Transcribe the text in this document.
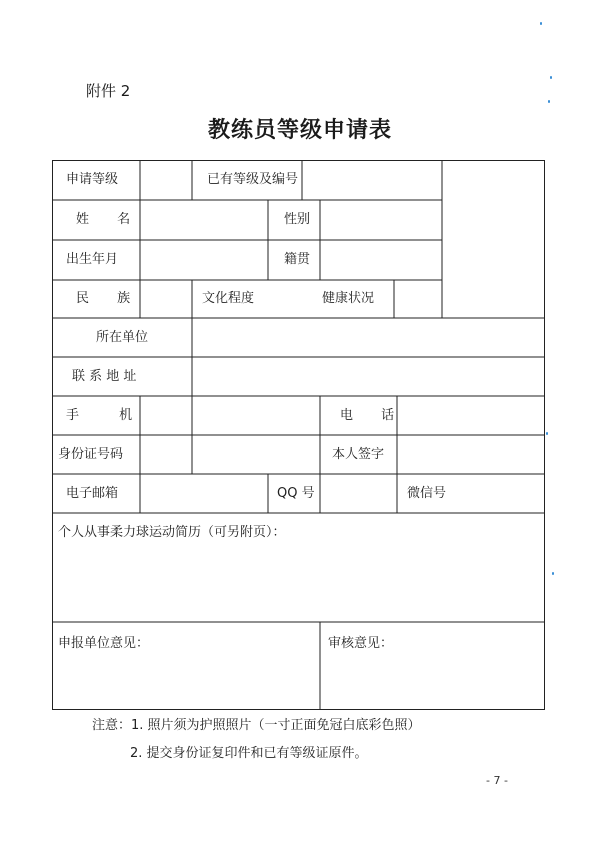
附件 2
教练员等级申请表
申请等级	已有等级及编号
姓 名	性别
出生年月	籍贯
民 族	文化程度	健康状况
所在单位
联 系 地 址
手 机	电 话
身份证号码	本人签字
电子邮箱	QQ 号	微信号
个人从事柔力球运动简历（可另附页）：
申报单位意见：	审核意见：
注意：1. 照片须为护照照片（一寸正面免冠白底彩色照）
2. 提交身份证复印件和已有等级证原件。
- 7 -
